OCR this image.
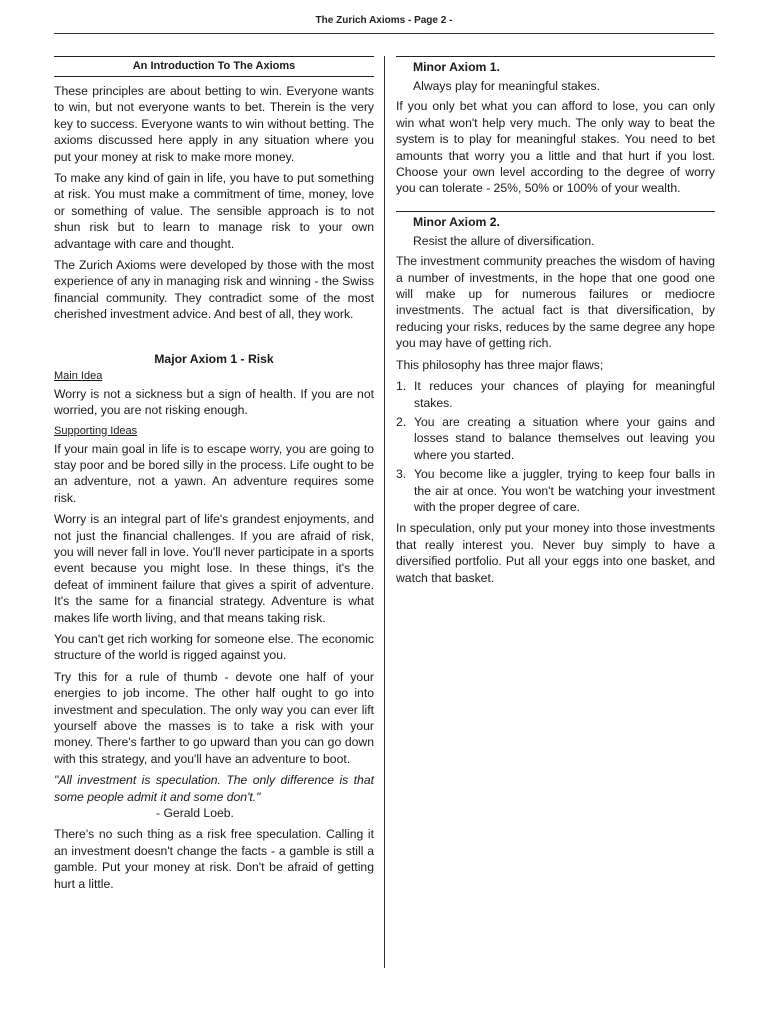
The Zurich Axioms - Page 2 -
An Introduction To The Axioms

These principles are about betting to win. Everyone wants to win, but not everyone wants to bet. Therein is the very key to success. Everyone wants to win without betting. The axioms discussed here apply in any situation where you put your money at risk to make more money.

To make any kind of gain in life, you have to put something at risk. You must make a commitment of time, money, love or something of value. The sensible approach is to not shun risk but to learn to manage risk to your own advantage with care and thought.

The Zurich Axioms were developed by those with the most experience of any in managing risk and winning - the Swiss financial community. They contradict some of the most cherished investment advice. And best of all, they work.

Major Axiom 1 - Risk
Main Idea

Worry is not a sickness but a sign of health. If you are not worried, you are not risking enough.

Supporting Ideas

If your main goal in life is to escape worry, you are going to stay poor and be bored silly in the process. Life ought to be an adventure, not a yawn. An adventure requires some risk.

Worry is an integral part of life's grandest enjoyments, and not just the financial challenges. If you are afraid of risk, you will never fall in love. You'll never participate in a sports event because you might lose. In these things, it's the defeat of imminent failure that gives a spirit of adventure. It's the same for a financial strategy. Adventure is what makes life worth living, and that means taking risk.

You can't get rich working for someone else. The economic structure of the world is rigged against you.

Try this for a rule of thumb - devote one half of your energies to job income. The other half ought to go into investment and speculation. The only way you can ever lift yourself above the masses is to take a risk with your money. There's farther to go upward than you can go down with this strategy, and you'll have an adventure to boot.

"All investment is speculation. The only difference is that some people admit it and some don't."

- Gerald Loeb.

There's no such thing as a risk free speculation. Calling it an investment doesn't change the facts - a gamble is still a gamble. Put your money at risk. Don't be afraid of getting hurt a little.

Minor Axiom 1.

Always play for meaningful stakes.

If you only bet what you can afford to lose, you can only win what won't help very much. The only way to beat the system is to play for meaningful stakes. You need to bet amounts that worry you a little and that hurt if you lost. Choose your own level according to the degree of worry you can tolerate - 25%, 50% or 100% of your wealth.

Minor Axiom 2.

Resist the allure of diversification.

The investment community preaches the wisdom of having a number of investments, in the hope that one good one will make up for numerous failures or mediocre investments. The actual fact is that diversification, by reducing your risks, reduces by the same degree any hope you may have of getting rich.

This philosophy has three major flaws;

1. It reduces your chances of playing for meaningful stakes.
2. You are creating a situation where your gains and losses stand to balance themselves out leaving you where you started.
3. You become like a juggler, trying to keep four balls in the air at once. You won't be watching your investment with the proper degree of care.

In speculation, only put your money into those investments that really interest you. Never buy simply to have a diversified portfolio. Put all your eggs into one basket, and watch that basket.
